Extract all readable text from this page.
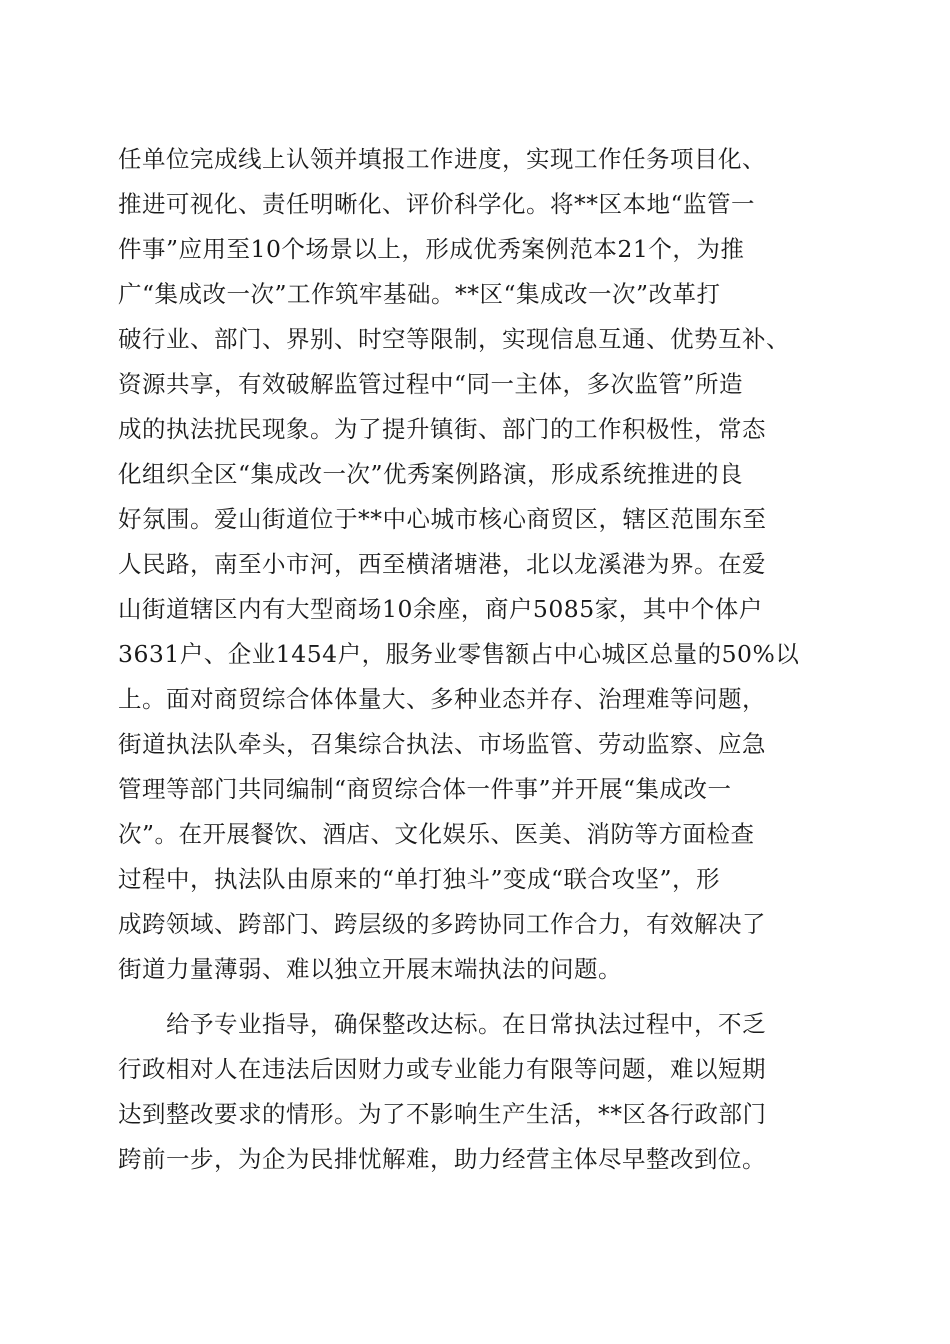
任单位完成线上认领并填报工作进度，实现工作任务项目化、
推进可视化、责任明晰化、评价科学化。将**区本地“监管一
件事”应用至10个场景以上，形成优秀案例范本21个，为推
广“集成改一次”工作筑牢基础。**区“集成改一次”改革打
破行业、部门、界别、时空等限制，实现信息互通、优势互补、
资源共享，有效破解监管过程中“同一主体，多次监管”所造
成的执法扰民现象。为了提升镇街、部门的工作积极性，常态
化组织全区“集成改一次”优秀案例路演，形成系统推进的良
好氛围。爱山街道位于**中心城市核心商贸区，辖区范围东至
人民路，南至小市河，西至横渚塘港，北以龙溪港为界。在爱
山街道辖区内有大型商场10余座，商户5085家，其中个体户
3631户、企业1454户，服务业零售额占中心城区总量的50%以
上。面对商贸综合体体量大、多种业态并存、治理难等问题，
街道执法队牵头，召集综合执法、市场监管、劳动监察、应急
管理等部门共同编制“商贸综合体一件事”并开展“集成改一
次”。在开展餐饮、酒店、文化娱乐、医美、消防等方面检查
过程中，执法队由原来的“单打独斗”变成“联合攻坚”，形
成跨领域、跨部门、跨层级的多跨协同工作合力，有效解决了
街道力量薄弱、难以独立开展末端执法的问题。
给予专业指导，确保整改达标。在日常执法过程中，不乏
行政相对人在违法后因财力或专业能力有限等问题，难以短期
达到整改要求的情形。为了不影响生产生活，**区各行政部门
跨前一步，为企为民排忧解难，助力经营主体尽早整改到位。
